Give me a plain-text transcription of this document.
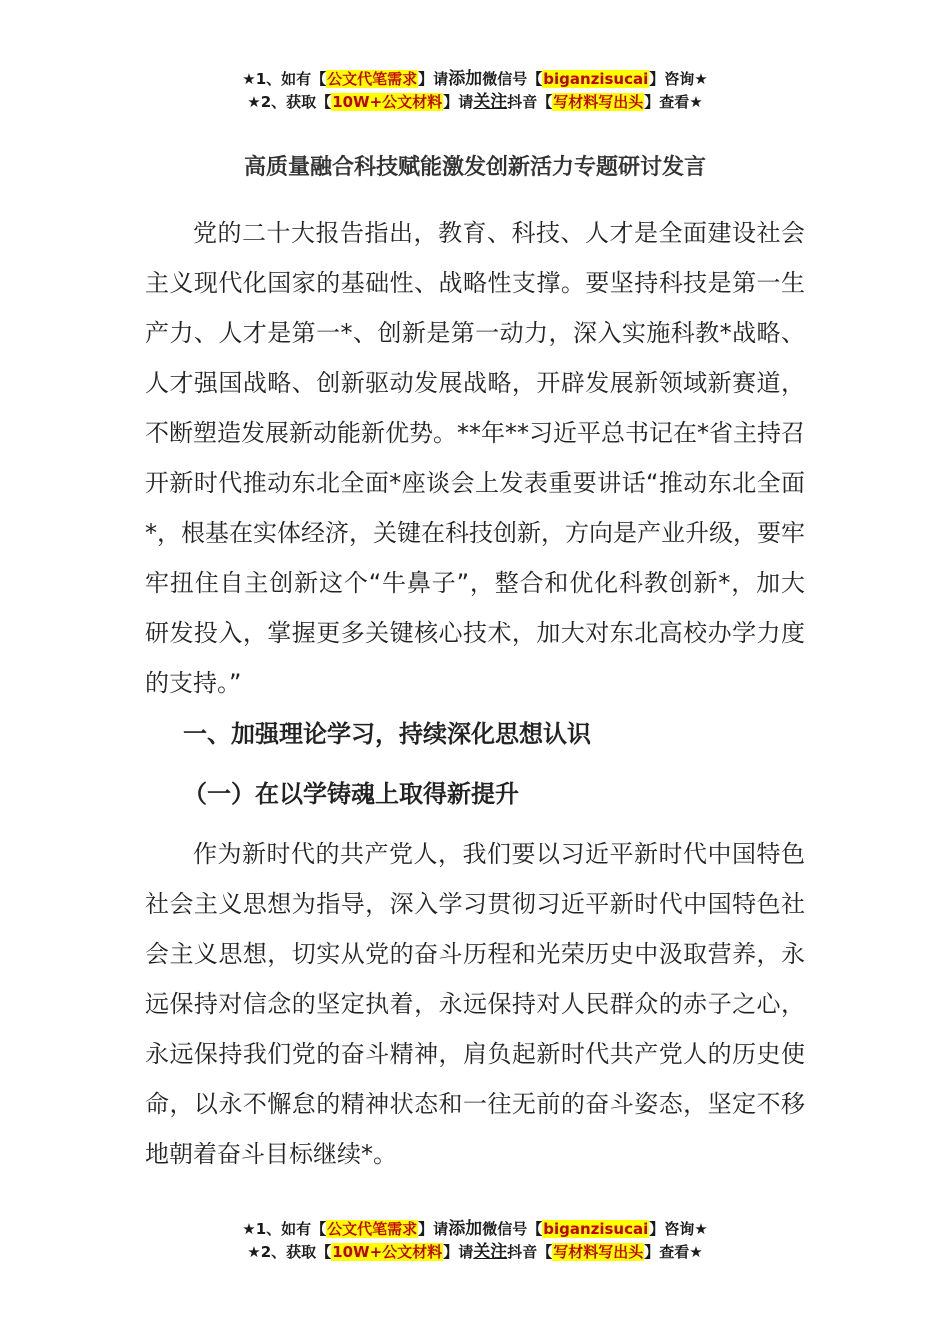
★1、如有【公文代笔需求】请添加微信号【biganzisucai】咨询★
★2、获取【10W+公文材料】请关注抖音【写材料写出头】查看★
高质量融合科技赋能激发创新活力专题研讨发言

党的二十大报告指出，教育、科技、人才是全面建设社会主义现代化国家的基础性、战略性支撑。要坚持科技是第一生产力、人才是第一*、创新是第一动力，深入实施科教*战略、人才强国战略、创新驱动发展战略，开辟发展新领域新赛道，不断塑造发展新动能新优势。**年**习近平总书记在*省主持召开新时代推动东北全面*座谈会上发表重要讲话“推动东北全面*，根基在实体经济，关键在科技创新，方向是产业升级，要牢牢扭住自主创新这个“牛鼻子”，整合和优化科教创新*，加大研发投入，掌握更多关键核心技术，加大对东北高校办学力度的支持。”

一、加强理论学习，持续深化思想认识

（一）在以学铸魂上取得新提升

作为新时代的共产党人，我们要以习近平新时代中国特色社会主义思想为指导，深入学习贯彻习近平新时代中国特色社会主义思想，切实从党的奋斗历程和光荣历史中汲取营养，永远保持对信念的坚定执着，永远保持对人民群众的赤子之心，永远保持我们党的奋斗精神，肩负起新时代共产党人的历史使命，以永不懈怠的精神状态和一往无前的奋斗姿态，坚定不移地朝着奋斗目标继续*。

★1、如有【公文代笔需求】请添加微信号【biganzisucai】咨询★
★2、获取【10W+公文材料】请关注抖音【写材料写出头】查看★
